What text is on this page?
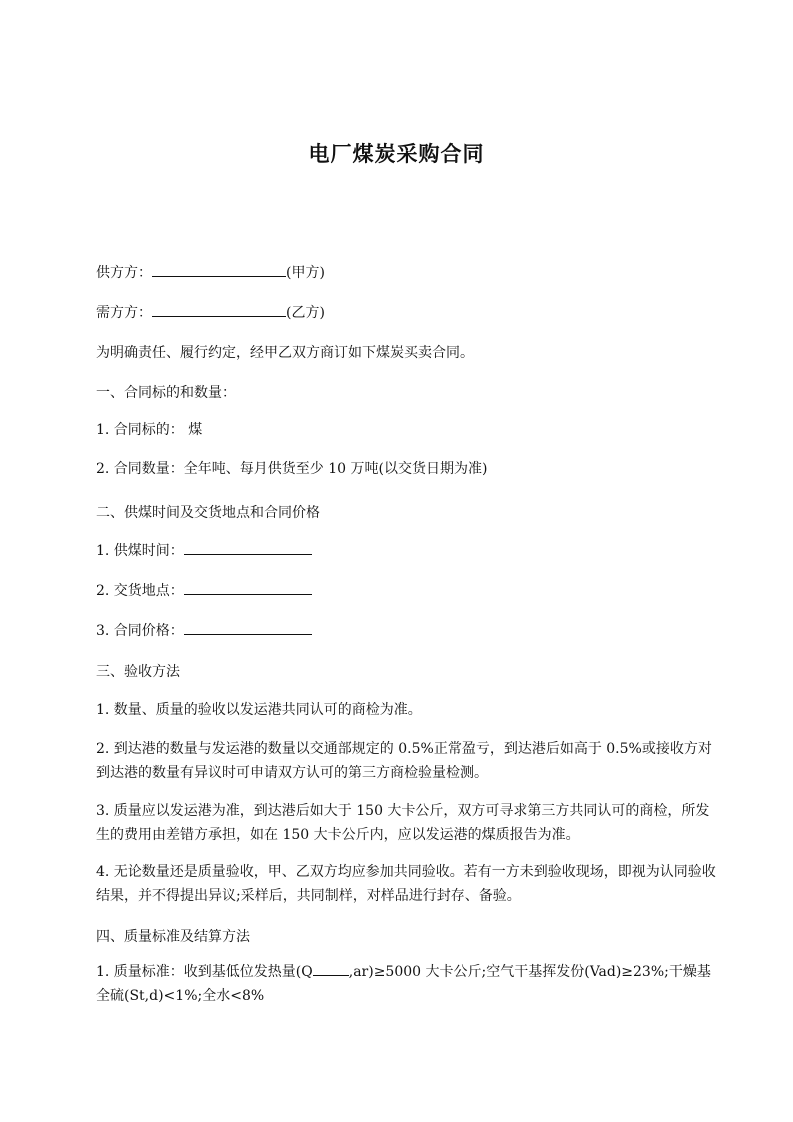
电厂煤炭采购合同
供方方：	(甲方)
需方方：	(乙方)
为明确责任、履行约定，经甲乙双方商订如下煤炭买卖合同。
一、合同标的和数量：
1. 合同标的： 煤
2. 合同数量：全年吨、每月供货至少 10 万吨(以交货日期为准)
二、供煤时间及交货地点和合同价格
1. 供煤时间：
2. 交货地点：
3. 合同价格：
三、验收方法
1. 数量、质量的验收以发运港共同认可的商检为准。
2. 到达港的数量与发运港的数量以交通部规定的 0.5%正常盈亏，到达港后如高于 0.5%或接收方对到达港的数量有异议时可申请双方认可的第三方商检验量检测。
3. 质量应以发运港为准，到达港后如大于 150 大卡公斤，双方可寻求第三方共同认可的商检，所发生的费用由差错方承担，如在 150 大卡公斤内，应以发运港的煤质报告为准。
4. 无论数量还是质量验收，甲、乙双方均应参加共同验收。若有一方未到验收现场，即视为认同验收结果，并不得提出异议;采样后，共同制样，对样品进行封存、备验。
四、质量标准及结算方法
1. 质量标准：收到基低位发热量(Q	,ar)≥5000 大卡公斤;空气干基挥发份(Vad)≥23%;干燥基全硫(St,d)<1%;全水<8%
